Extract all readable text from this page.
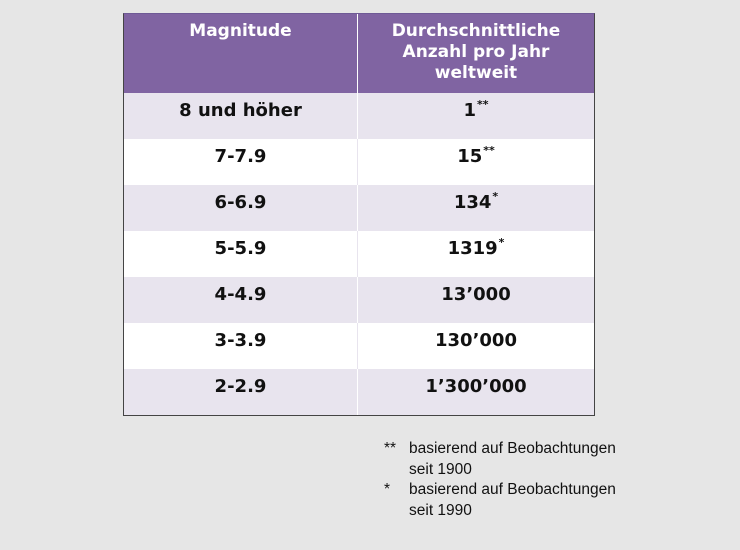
Magnitude	Durchschnittliche
Anzahl pro Jahr
weltweit
8 und höher	1**
7-7.9	15**
6-6.9	134*
5-5.9	1319*
4-4.9	13’000
3-3.9	130’000
2-2.9	1’300’000
** basierend auf Beobachtungen
seit 1900
*	basierend auf Beobachtungen
seit 1990
